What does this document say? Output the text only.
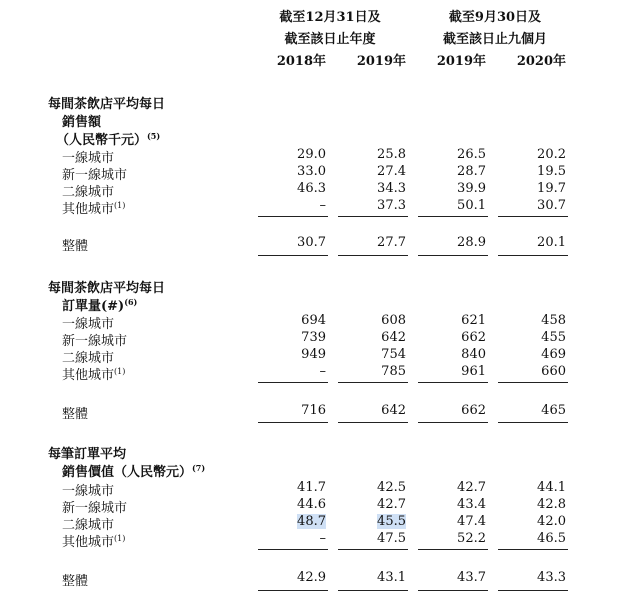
截至12月31日及
截至該日止年度
截至9月30日及
截至該日止九個月
2018年	2019年	2019年	2020年
每間茶飲店平均每日
銷售額
（人民幣千元）$^{(5)}$
一線城市	29.0	25.8	26.5	20.2
新一線城市	33.0	27.4	28.7	19.5
二線城市	46.3	34.3	39.9	19.7
其他城市$^{(1)}$	–	37.3	50.1	30.7
整體	30.7	27.7	28.9	20.1
每間茶飲店平均每日
訂單量(#)$^{(6)}$
一線城市	694	608	621	458
新一線城市	739	642	662	455
二線城市	949	754	840	469
其他城市$^{(1)}$	–	785	961	660
整體	716	642	662	465
每筆訂單平均
銷售價值（人民幣元）$^{(7)}$
一線城市	41.7	42.5	42.7	44.1
新一線城市	44.6	42.7	43.4	42.8
二線城市	48.7	45.5	47.4	42.0
其他城市$^{(1)}$	–	47.5	52.2	46.5
整體	42.9	43.1	43.7	43.3
